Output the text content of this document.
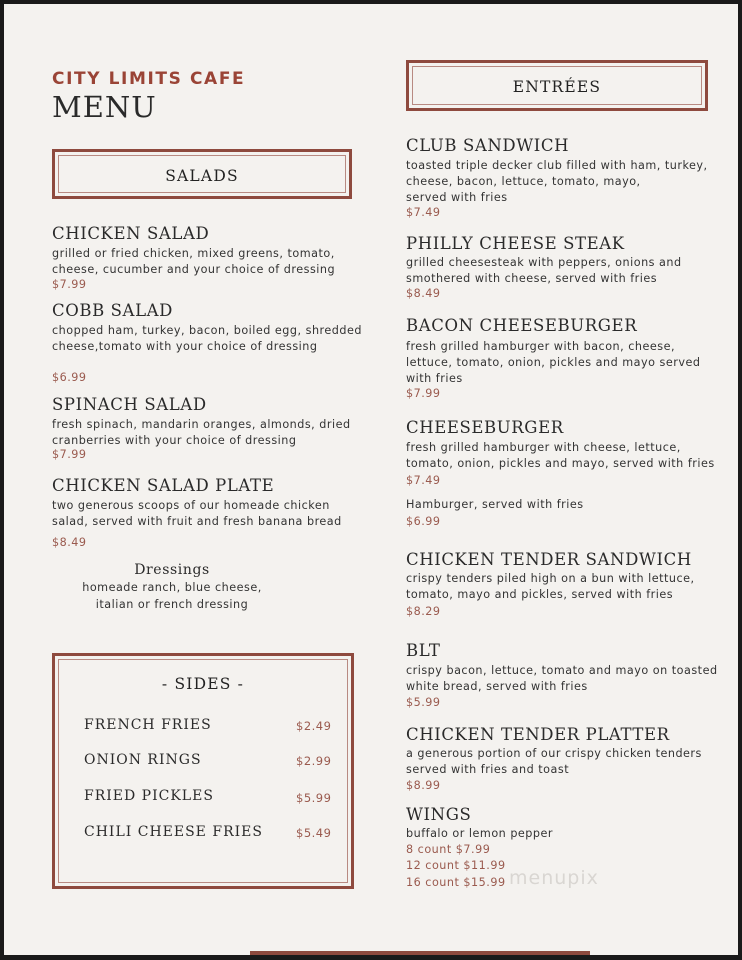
CITY LIMITS CAFE
MENU
SALADS
CHICKEN SALAD
grilled or fried chicken, mixed greens, tomato,
cheese, cucumber and your choice of dressing
$7.99
COBB SALAD
chopped ham, turkey, bacon, boiled egg, shredded
cheese,tomato with your choice of dressing
$6.99
SPINACH SALAD
fresh spinach, mandarin oranges, almonds, dried
cranberries with your choice of dressing
$7.99
CHICKEN SALAD PLATE
two generous scoops of our homeade chicken
salad, served with fruit and fresh banana bread
$8.49
Dressings
homeade ranch, blue cheese,
italian or french dressing
- SIDES -
FRENCH FRIES	$2.49
ONION RINGS	$2.99
FRIED PICKLES	$5.99
CHILI CHEESE FRIES	$5.49
ENTRÉES
CLUB SANDWICH
toasted triple decker club filled with ham, turkey,
cheese, bacon, lettuce, tomato, mayo,
served with fries
$7.49
PHILLY CHEESE STEAK
grilled cheesesteak with peppers, onions and
smothered with cheese, served with fries
$8.49
BACON CHEESEBURGER
fresh grilled hamburger with bacon, cheese,
lettuce, tomato, onion, pickles and mayo served
with fries
$7.99
CHEESEBURGER
fresh grilled hamburger with cheese, lettuce,
tomato, onion, pickles and mayo, served with fries
$7.49
Hamburger, served with fries
$6.99
CHICKEN TENDER SANDWICH
crispy tenders piled high on a bun with lettuce,
tomato, mayo and pickles, served with fries
$8.29
BLT
crispy bacon, lettuce, tomato and mayo on toasted
white bread, served with fries
$5.99
CHICKEN TENDER PLATTER
a generous portion of our crispy chicken tenders
served with fries and toast
$8.99
WINGS
buffalo or lemon pepper
8 count $7.99
12 count $11.99
16 count $15.99 menupix
